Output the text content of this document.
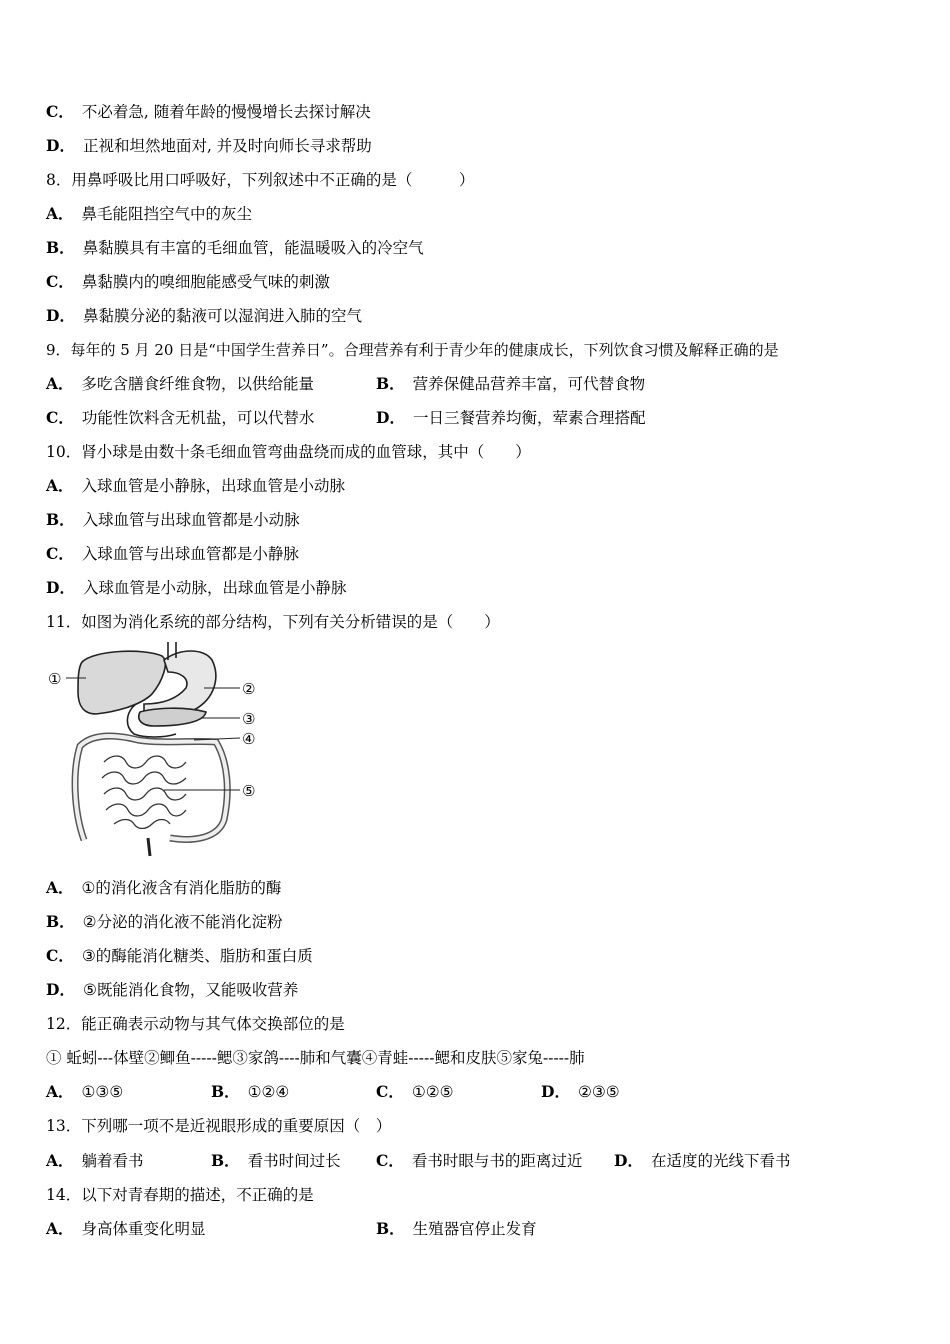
C． 不必着急, 随着年龄的慢慢增长去探讨解决
D． 正视和坦然地面对, 并及时向师长寻求帮助
8．用鼻呼吸比用口呼吸好，下列叙述中不正确的是（　　　）
A． 鼻毛能阻挡空气中的灰尘
B． 鼻黏膜具有丰富的毛细血管，能温暖吸入的冷空气
C． 鼻黏膜内的嗅细胞能感受气味的刺激
D． 鼻黏膜分泌的黏液可以湿润进入肺的空气
9．每年的 5 月 20 日是“中国学生营养日”。合理营养有利于青少年的健康成长，下列饮食习惯及解释正确的是
A． 多吃含膳食纤维食物，以供给能量	B． 营养保健品营养丰富，可代替食物
C． 功能性饮料含无机盐，可以代替水	D． 一日三餐营养均衡，荤素合理搭配
10．肾小球是由数十条毛细血管弯曲盘绕而成的血管球，其中（　　）
A． 入球血管是小静脉，出球血管是小动脉
B． 入球血管与出球血管都是小动脉
C． 入球血管与出球血管都是小静脉
D． 入球血管是小动脉，出球血管是小静脉
11．如图为消化系统的部分结构，下列有关分析错误的是（　　）
①
②
③
④
⑤
A． ①的消化液含有消化脂肪的酶
B． ②分泌的消化液不能消化淀粉
C． ③的酶能消化糖类、脂肪和蛋白质
D． ⑤既能消化食物，又能吸收营养
12．能正确表示动物与其气体交换部位的是
① 蚯蚓---体壁②鲫鱼-----鳃③家鸽----肺和气囊④青蛙-----鳃和皮肤⑤家兔-----肺
A． ①③⑤	B． ①②④	C． ①②⑤	D． ②③⑤
13．下列哪一项不是近视眼形成的重要原因（　）
A． 躺着看书	B． 看书时间过长 C． 看书时眼与书的距离过近 D． 在适度的光线下看书
14．以下对青春期的描述，不正确的是
A． 身高体重变化明显	B． 生殖器官停止发育
